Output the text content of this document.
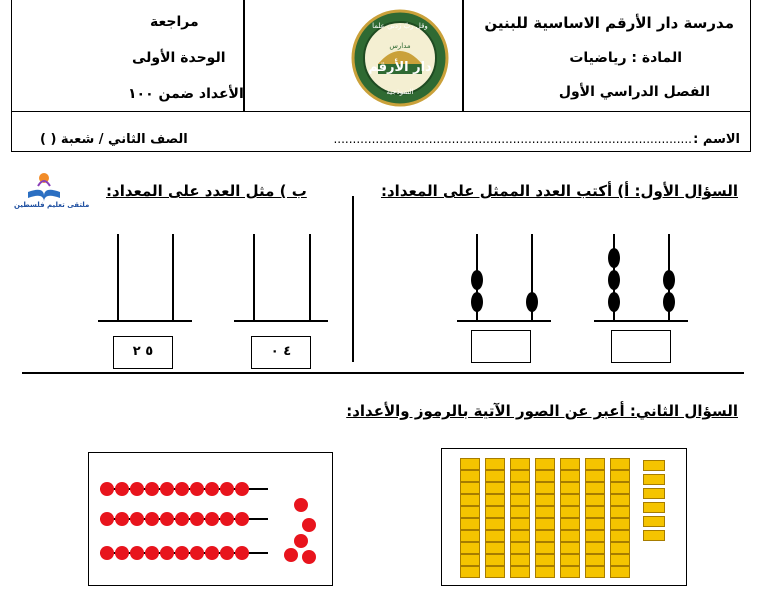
مدرسة دار الأرقم الاساسية للبنين
المادة : رياضيات
الفصل الدراسي الأول
مراجعة
الوحدة الأولى
الأعداد ضمن ١٠٠
وقل ربّ زدني علما
مدارس
دار الأرقم
النموذجية
الاسم :
..............................................................................................
الصف الثاني / شعبة ( )
ملتقى تعليم فلسطين
السؤال الأول: أ) أكتب العدد الممثل على المعداد:
ب ) مثل العدد على المعداد:
٤ ٠
٥ ٢
السؤال الثاني: أعبر عن الصور الآتية بالرموز والأعداد:
